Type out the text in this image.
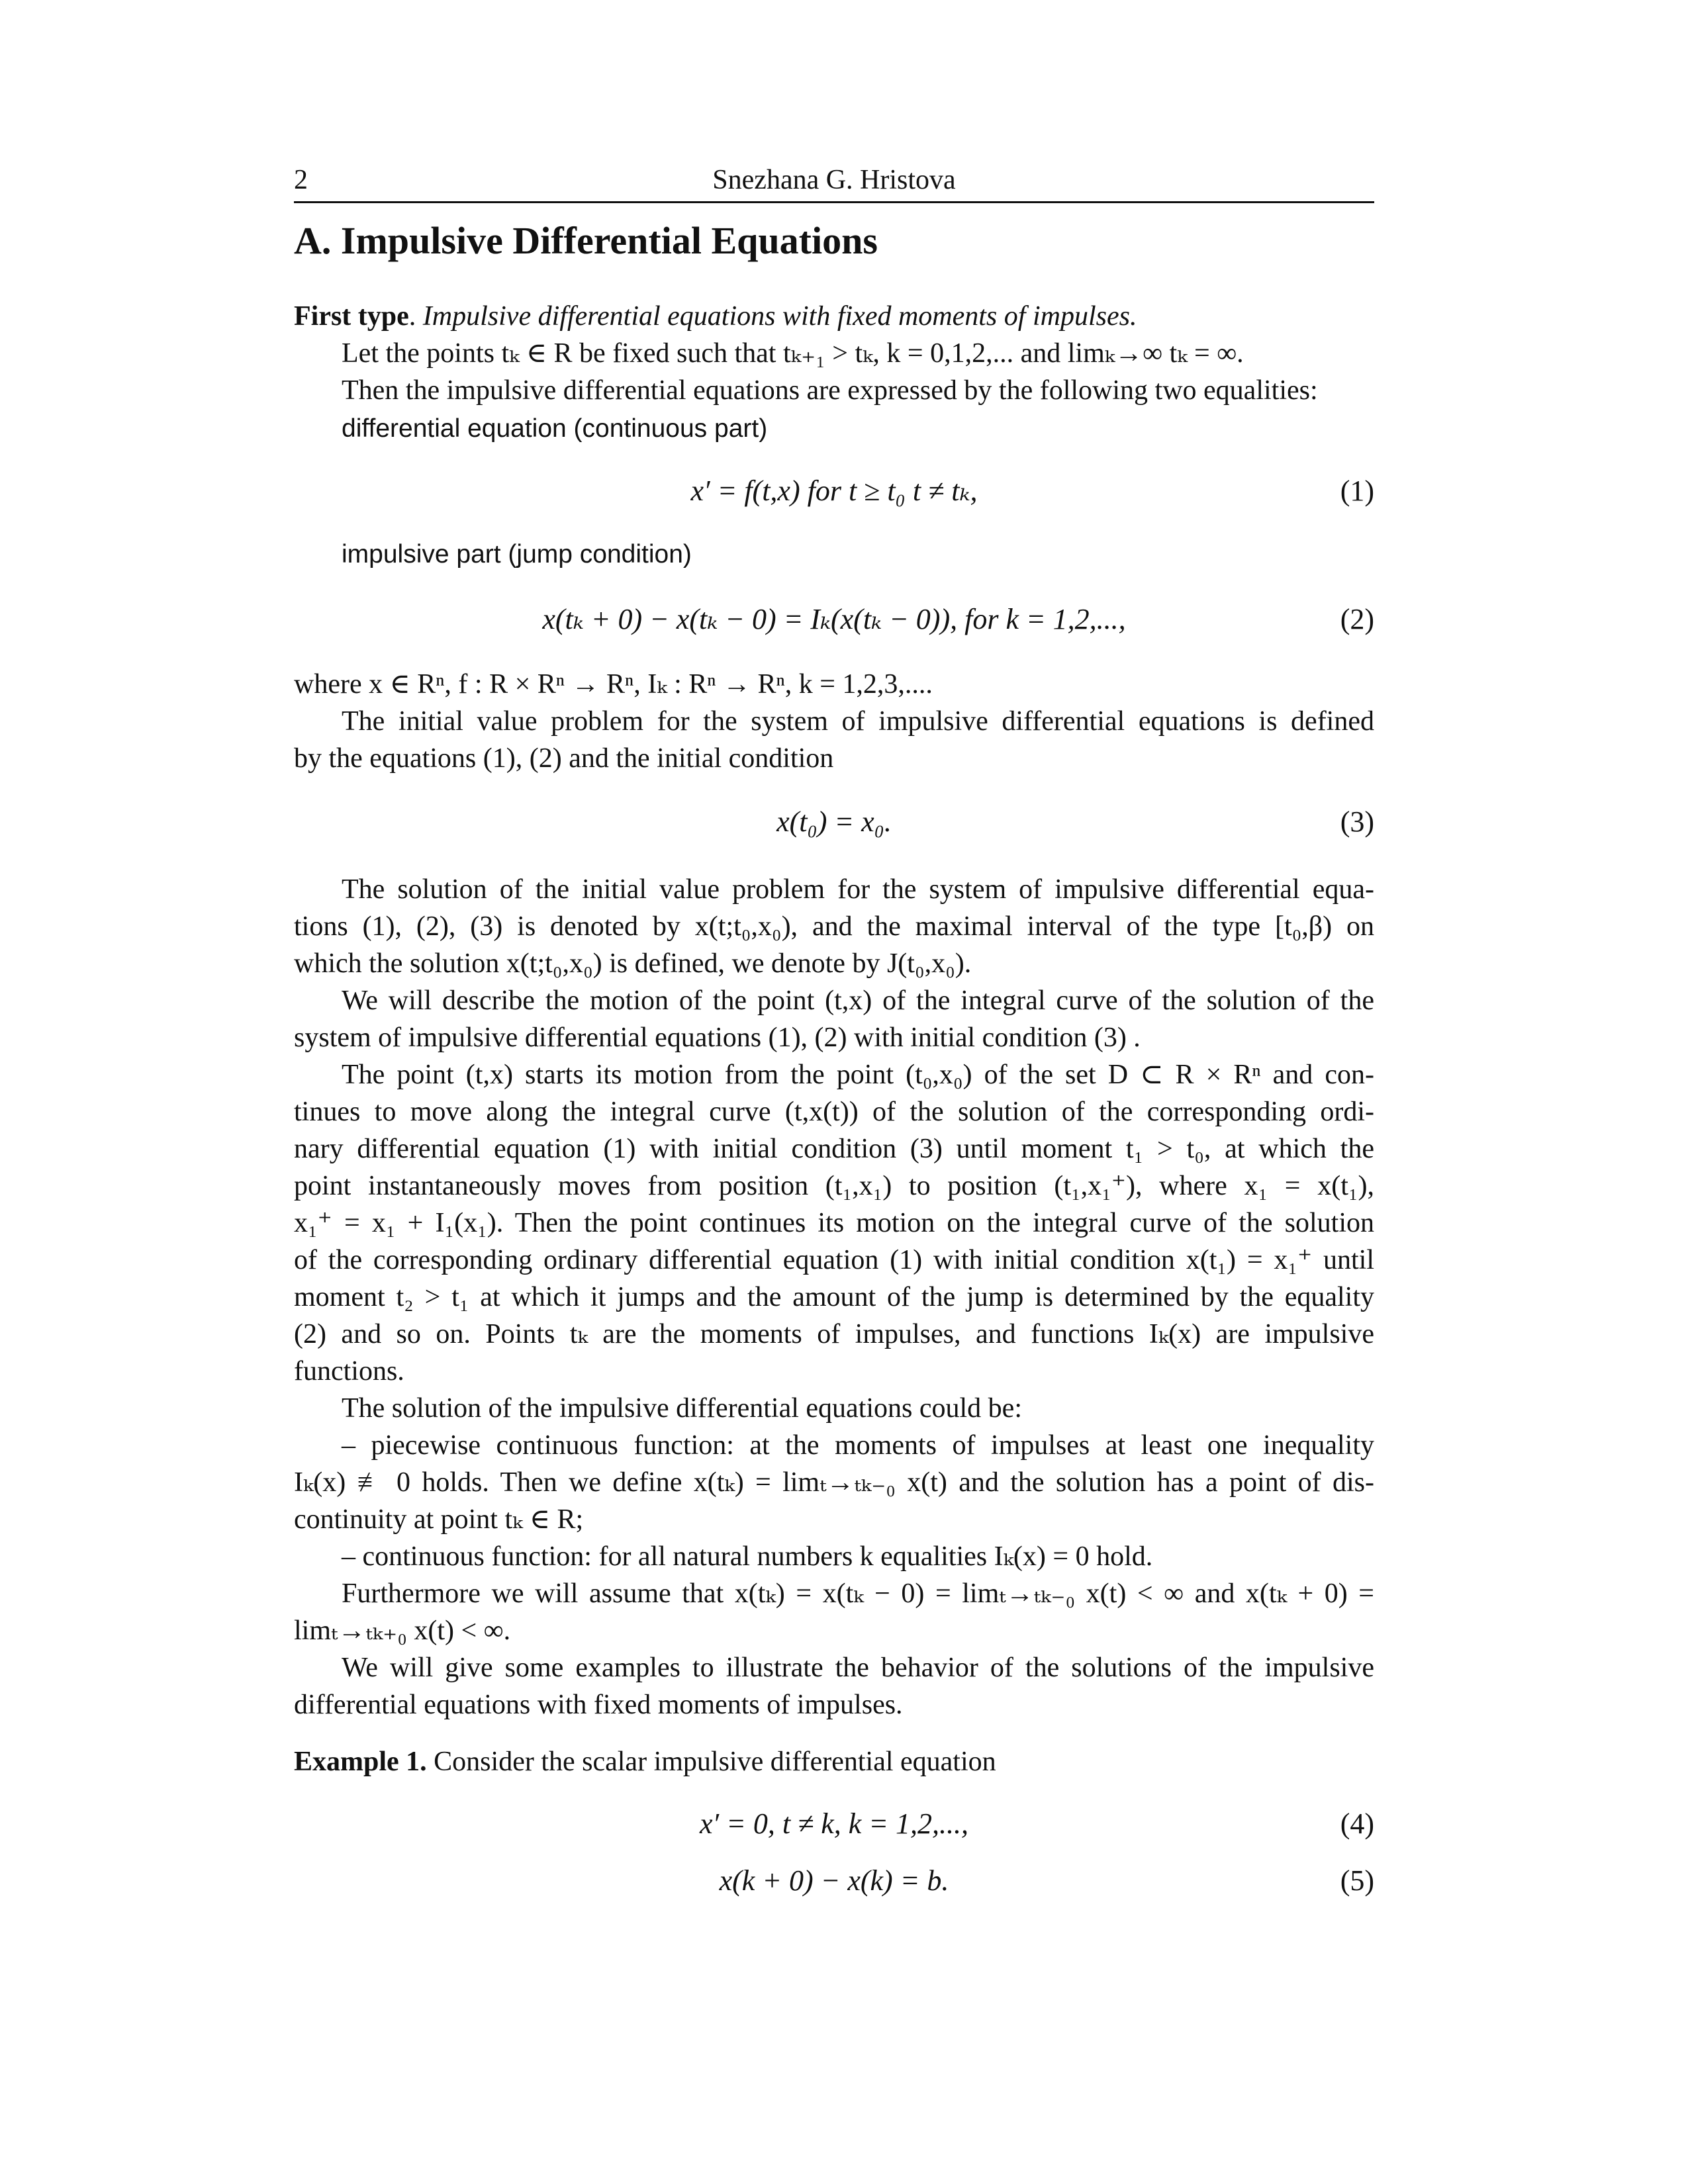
2	Snezhana G. Hristova
A. Impulsive Differential Equations
First type. Impulsive differential equations with fixed moments of impulses.
Let the points tₖ ∈ R be fixed such that tₖ₊₁ > tₖ, k = 0,1,2,... and limₖ→∞ tₖ = ∞.
Then the impulsive differential equations are expressed by the following two equalities:
differential equation (continuous part)
x′ = f(t,x) for t ≥ t₀ t ≠ tₖ,	(1)
impulsive part (jump condition)
x(tₖ + 0) − x(tₖ − 0) = Iₖ(x(tₖ − 0)), for k = 1,2,...,	(2)
where x ∈ Rⁿ, f : R × Rⁿ → Rⁿ, Iₖ : Rⁿ → Rⁿ, k = 1,2,3,....
The initial value problem for the system of impulsive differential equations is defined
by the equations (1), (2) and the initial condition
x(t₀) = x₀.	(3)
The solution of the initial value problem for the system of impulsive differential equa-
tions (1), (2), (3) is denoted by x(t;t₀,x₀), and the maximal interval of the type [t₀,β) on
which the solution x(t;t₀,x₀) is defined, we denote by J(t₀,x₀).
We will describe the motion of the point (t,x) of the integral curve of the solution of the
system of impulsive differential equations (1), (2) with initial condition (3) .
The point (t,x) starts its motion from the point (t₀,x₀) of the set D ⊂ R × Rⁿ and con-
tinues to move along the integral curve (t,x(t)) of the solution of the corresponding ordi-
nary differential equation (1) with initial condition (3) until moment t₁ > t₀, at which the
point instantaneously moves from position (t₁,x₁) to position (t₁,x₁⁺), where x₁ = x(t₁),
x₁⁺ = x₁ + I₁(x₁). Then the point continues its motion on the integral curve of the solution
of the corresponding ordinary differential equation (1) with initial condition x(t₁) = x₁⁺ until
moment t₂ > t₁ at which it jumps and the amount of the jump is determined by the equality
(2) and so on. Points tₖ are the moments of impulses, and functions Iₖ(x) are impulsive
functions.
The solution of the impulsive differential equations could be:
– piecewise continuous function: at the moments of impulses at least one inequality
Iₖ(x) ≢ 0 holds. Then we define x(tₖ) = limₜ→ₜₖ₋₀ x(t) and the solution has a point of dis-
continuity at point tₖ ∈ R;
– continuous function: for all natural numbers k equalities Iₖ(x) = 0 hold.
Furthermore we will assume that x(tₖ) = x(tₖ − 0) = limₜ→ₜₖ₋₀ x(t) < ∞ and x(tₖ + 0) =
limₜ→ₜₖ₊₀ x(t) < ∞.
We will give some examples to illustrate the behavior of the solutions of the impulsive
differential equations with fixed moments of impulses.
Example 1. Consider the scalar impulsive differential equation
x′ = 0, t ≠ k, k = 1,2,...,	(4)
x(k + 0) − x(k) = b.	(5)
